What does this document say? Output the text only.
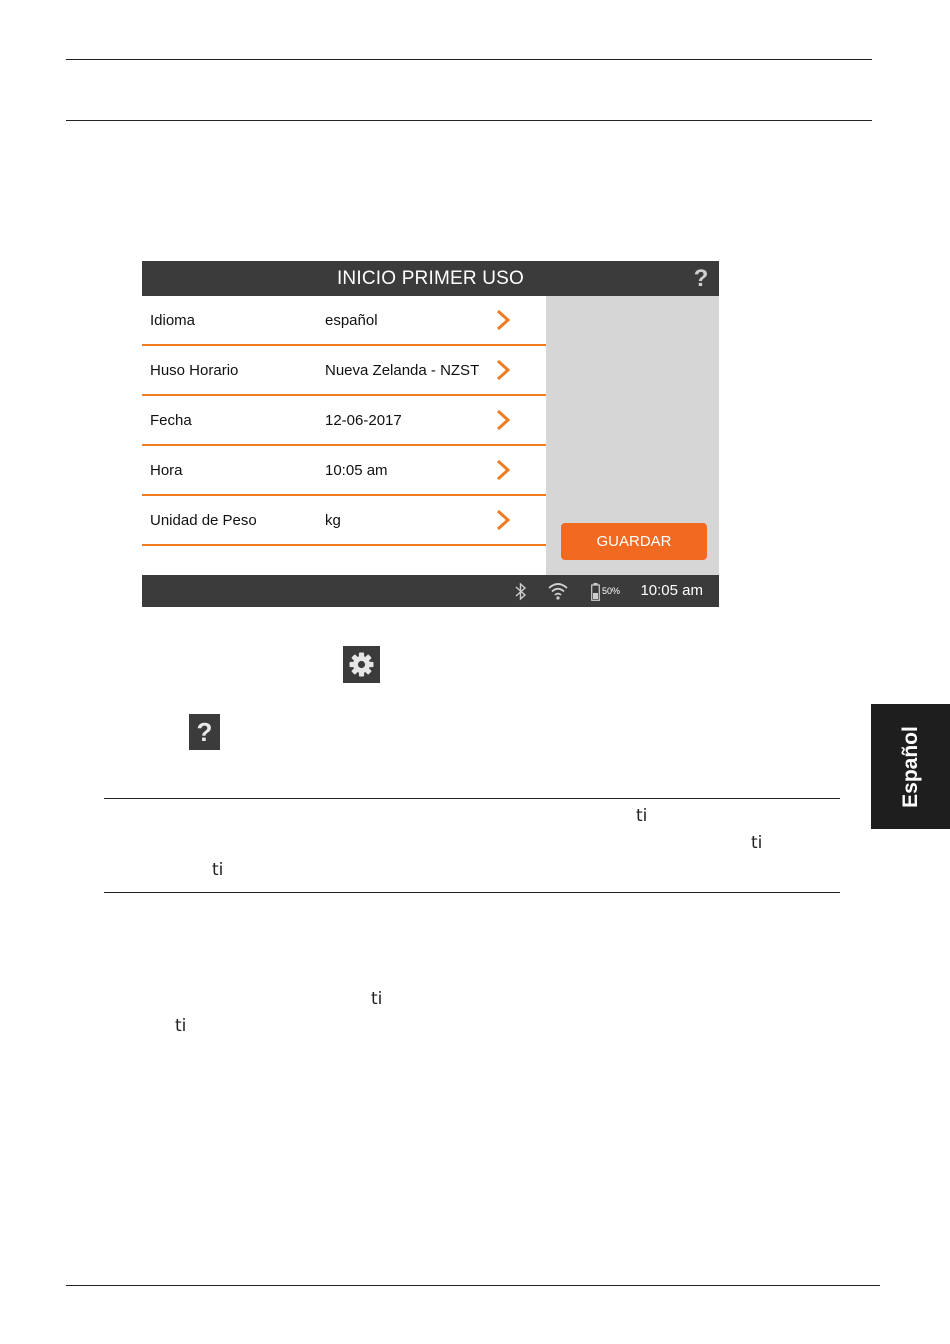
INICIO PRIMER USO	?
Idioma	español
Huso Horario	Nueva Zelanda - NZST
Fecha	12-06-2017
Hora	10:05 am
Unidad de Peso	kg
GUARDAR
50% 10:05 am
?
ti
ti
ti
ti
ti
Español
